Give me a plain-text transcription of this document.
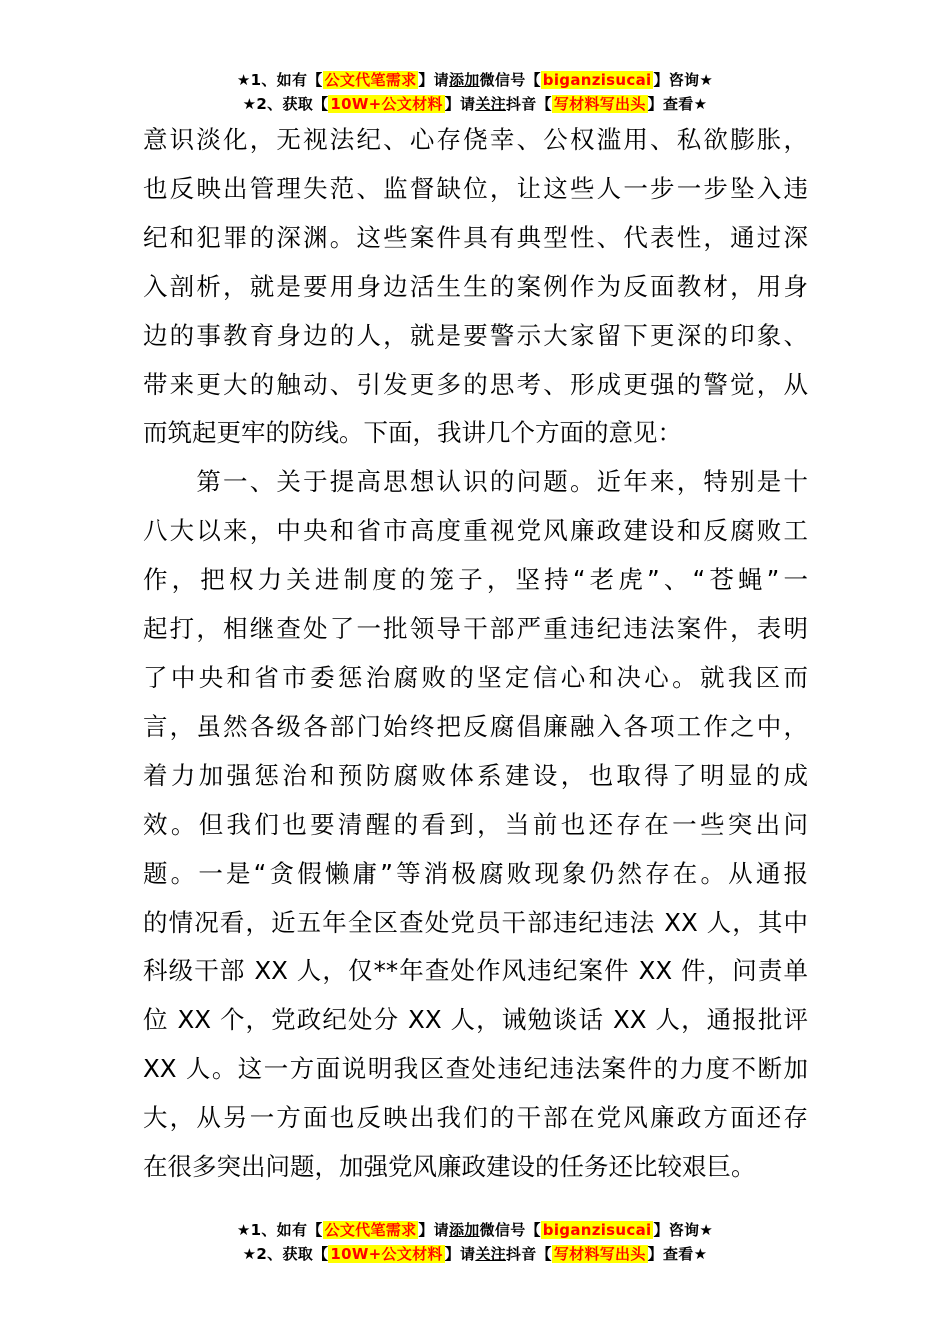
★1、如有【 公文代笔需求 】请添加微信号【 biganzisucai 】咨询★
★2、获取【 10W+公文材料 】请关注抖音【 写材料写出头 】查看★
意识淡化，无视法纪、心存侥幸、公权滥用、私欲膨胀，
也反映出管理失范、监督缺位，让这些人一步一步坠入违
纪和犯罪的深渊。这些案件具有典型性、代表性，通过深
入剖析，就是要用身边活生生的案例作为反面教材，用身
边的事教育身边的人，就是要警示大家留下更深的印象、
带来更大的触动、引发更多的思考、形成更强的警觉，从
而筑起更牢的防线。下面，我讲几个方面的意见：
　　第一、关于提高思想认识的问题。近年来，特别是十
八大以来，中央和省市高度重视党风廉政建设和反腐败工
作，把权力关进制度的笼子，坚持“老虎”、“苍蝇”一
起打，相继查处了一批领导干部严重违纪违法案件，表明
了中央和省市委惩治腐败的坚定信心和决心。就我区而
言，虽然各级各部门始终把反腐倡廉融入各项工作之中，
着力加强惩治和预防腐败体系建设，也取得了明显的成
效。但我们也要清醒的看到，当前也还存在一些突出问
题。一是“贪假懒庸”等消极腐败现象仍然存在。从通报
的情况看，近五年全区查处党员干部违纪违法 XX 人，其中
科级干部 XX 人，仅**年查处作风违纪案件 XX 件，问责单
位 XX 个，党政纪处分 XX 人，诫勉谈话 XX 人，通报批评
XX 人。这一方面说明我区查处违纪违法案件的力度不断加
大，从另一方面也反映出我们的干部在党风廉政方面还存
在很多突出问题，加强党风廉政建设的任务还比较艰巨。
★1、如有【 公文代笔需求 】请添加微信号【 biganzisucai 】咨询★
★2、获取【 10W+公文材料 】请关注抖音【 写材料写出头 】查看★
